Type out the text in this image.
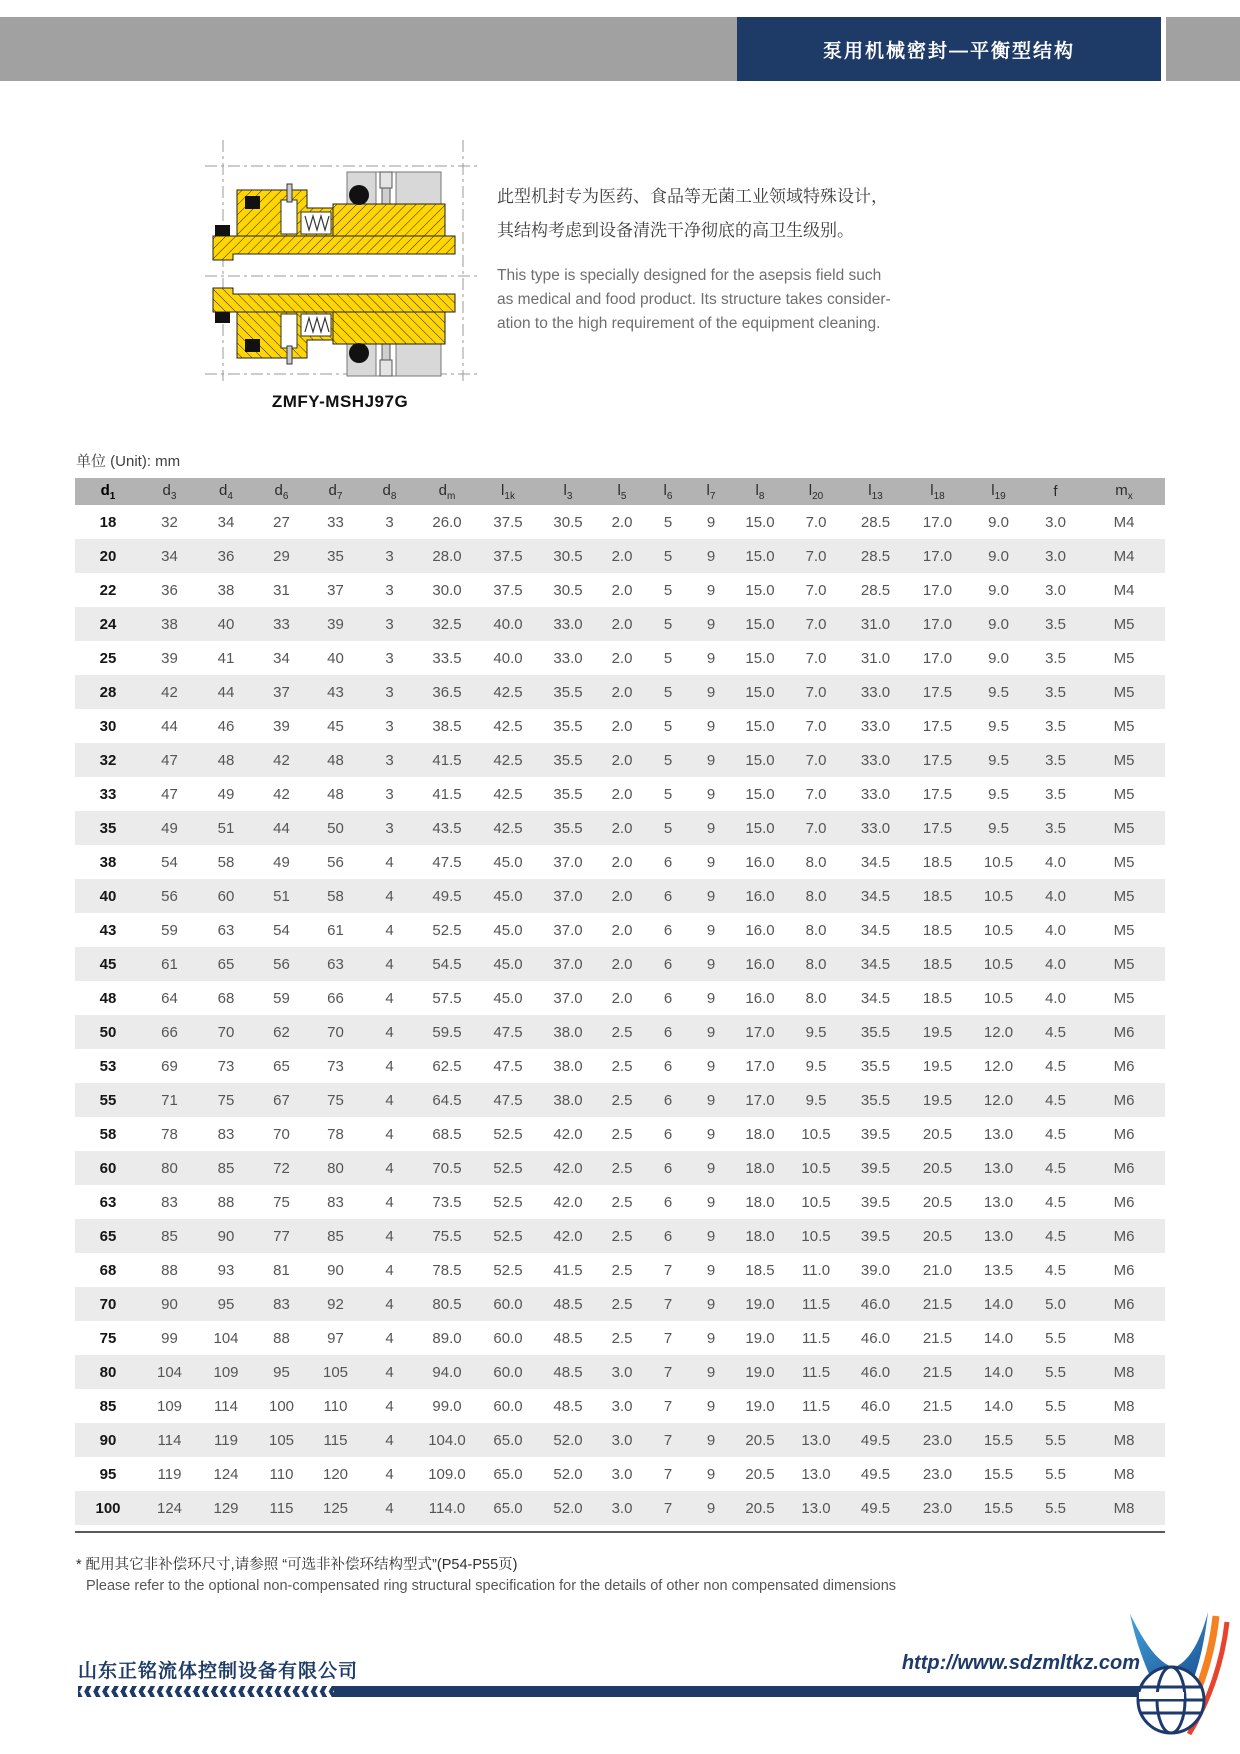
泵用机械密封—平衡型结构
ZMFY-MSHJ97G

此型机封专为医药、食品等无菌工业领域特殊设计，
其结构考虑到设备清洗干净彻底的高卫生级别。

This type is specially designed for the asepsis field such
as medical and food product. Its structure takes consider-
ation to the high requirement of the equipment cleaning.

单位 (Unit): mm
$d_1$	$d_3$	$d_4$	$d_6$	$d_7$	$d_8$	$d_m$	$l_{1k}$	$l_3$	$l_5$	$l_6$	$l_7$	$l_8$	$l_{20}$	$l_{13}$	$l_{18}$	$l_{19}$	f	$m_x$
18	32	34	27	33	3	26.0	37.5	30.5	2.0	5	9	15.0	7.0	28.5	17.0	9.0	3.0	M4
20	34	36	29	35	3	28.0	37.5	30.5	2.0	5	9	15.0	7.0	28.5	17.0	9.0	3.0	M4
22	36	38	31	37	3	30.0	37.5	30.5	2.0	5	9	15.0	7.0	28.5	17.0	9.0	3.0	M4
24	38	40	33	39	3	32.5	40.0	33.0	2.0	5	9	15.0	7.0	31.0	17.0	9.0	3.5	M5
25	39	41	34	40	3	33.5	40.0	33.0	2.0	5	9	15.0	7.0	31.0	17.0	9.0	3.5	M5
28	42	44	37	43	3	36.5	42.5	35.5	2.0	5	9	15.0	7.0	33.0	17.5	9.5	3.5	M5
30	44	46	39	45	3	38.5	42.5	35.5	2.0	5	9	15.0	7.0	33.0	17.5	9.5	3.5	M5
32	47	48	42	48	3	41.5	42.5	35.5	2.0	5	9	15.0	7.0	33.0	17.5	9.5	3.5	M5
33	47	49	42	48	3	41.5	42.5	35.5	2.0	5	9	15.0	7.0	33.0	17.5	9.5	3.5	M5
35	49	51	44	50	3	43.5	42.5	35.5	2.0	5	9	15.0	7.0	33.0	17.5	9.5	3.5	M5
38	54	58	49	56	4	47.5	45.0	37.0	2.0	6	9	16.0	8.0	34.5	18.5	10.5	4.0	M5
40	56	60	51	58	4	49.5	45.0	37.0	2.0	6	9	16.0	8.0	34.5	18.5	10.5	4.0	M5
43	59	63	54	61	4	52.5	45.0	37.0	2.0	6	9	16.0	8.0	34.5	18.5	10.5	4.0	M5
45	61	65	56	63	4	54.5	45.0	37.0	2.0	6	9	16.0	8.0	34.5	18.5	10.5	4.0	M5
48	64	68	59	66	4	57.5	45.0	37.0	2.0	6	9	16.0	8.0	34.5	18.5	10.5	4.0	M5
50	66	70	62	70	4	59.5	47.5	38.0	2.5	6	9	17.0	9.5	35.5	19.5	12.0	4.5	M6
53	69	73	65	73	4	62.5	47.5	38.0	2.5	6	9	17.0	9.5	35.5	19.5	12.0	4.5	M6
55	71	75	67	75	4	64.5	47.5	38.0	2.5	6	9	17.0	9.5	35.5	19.5	12.0	4.5	M6
58	78	83	70	78	4	68.5	52.5	42.0	2.5	6	9	18.0	10.5	39.5	20.5	13.0	4.5	M6
60	80	85	72	80	4	70.5	52.5	42.0	2.5	6	9	18.0	10.5	39.5	20.5	13.0	4.5	M6
63	83	88	75	83	4	73.5	52.5	42.0	2.5	6	9	18.0	10.5	39.5	20.5	13.0	4.5	M6
65	85	90	77	85	4	75.5	52.5	42.0	2.5	6	9	18.0	10.5	39.5	20.5	13.0	4.5	M6
68	88	93	81	90	4	78.5	52.5	41.5	2.5	7	9	18.5	11.0	39.0	21.0	13.5	4.5	M6
70	90	95	83	92	4	80.5	60.0	48.5	2.5	7	9	19.0	11.5	46.0	21.5	14.0	5.0	M6
75	99	104	88	97	4	89.0	60.0	48.5	2.5	7	9	19.0	11.5	46.0	21.5	14.0	5.5	M8
80	104	109	95	105	4	94.0	60.0	48.5	3.0	7	9	19.0	11.5	46.0	21.5	14.0	5.5	M8
85	109	114	100	110	4	99.0	60.0	48.5	3.0	7	9	19.0	11.5	46.0	21.5	14.0	5.5	M8
90	114	119	105	115	4	104.0	65.0	52.0	3.0	7	9	20.5	13.0	49.5	23.0	15.5	5.5	M8
95	119	124	110	120	4	109.0	65.0	52.0	3.0	7	9	20.5	13.0	49.5	23.0	15.5	5.5	M8
100	124	129	115	125	4	114.0	65.0	52.0	3.0	7	9	20.5	13.0	49.5	23.0	15.5	5.5	M8
* 配用其它非补偿环尺寸,请参照 “可选非补偿环结构型式”(P54-P55页)
Please refer to the optional non-compensated ring structural specification for the details of other non compensated dimensions
山东正铭流体控制设备有限公司	http://www.sdzmltkz.com
